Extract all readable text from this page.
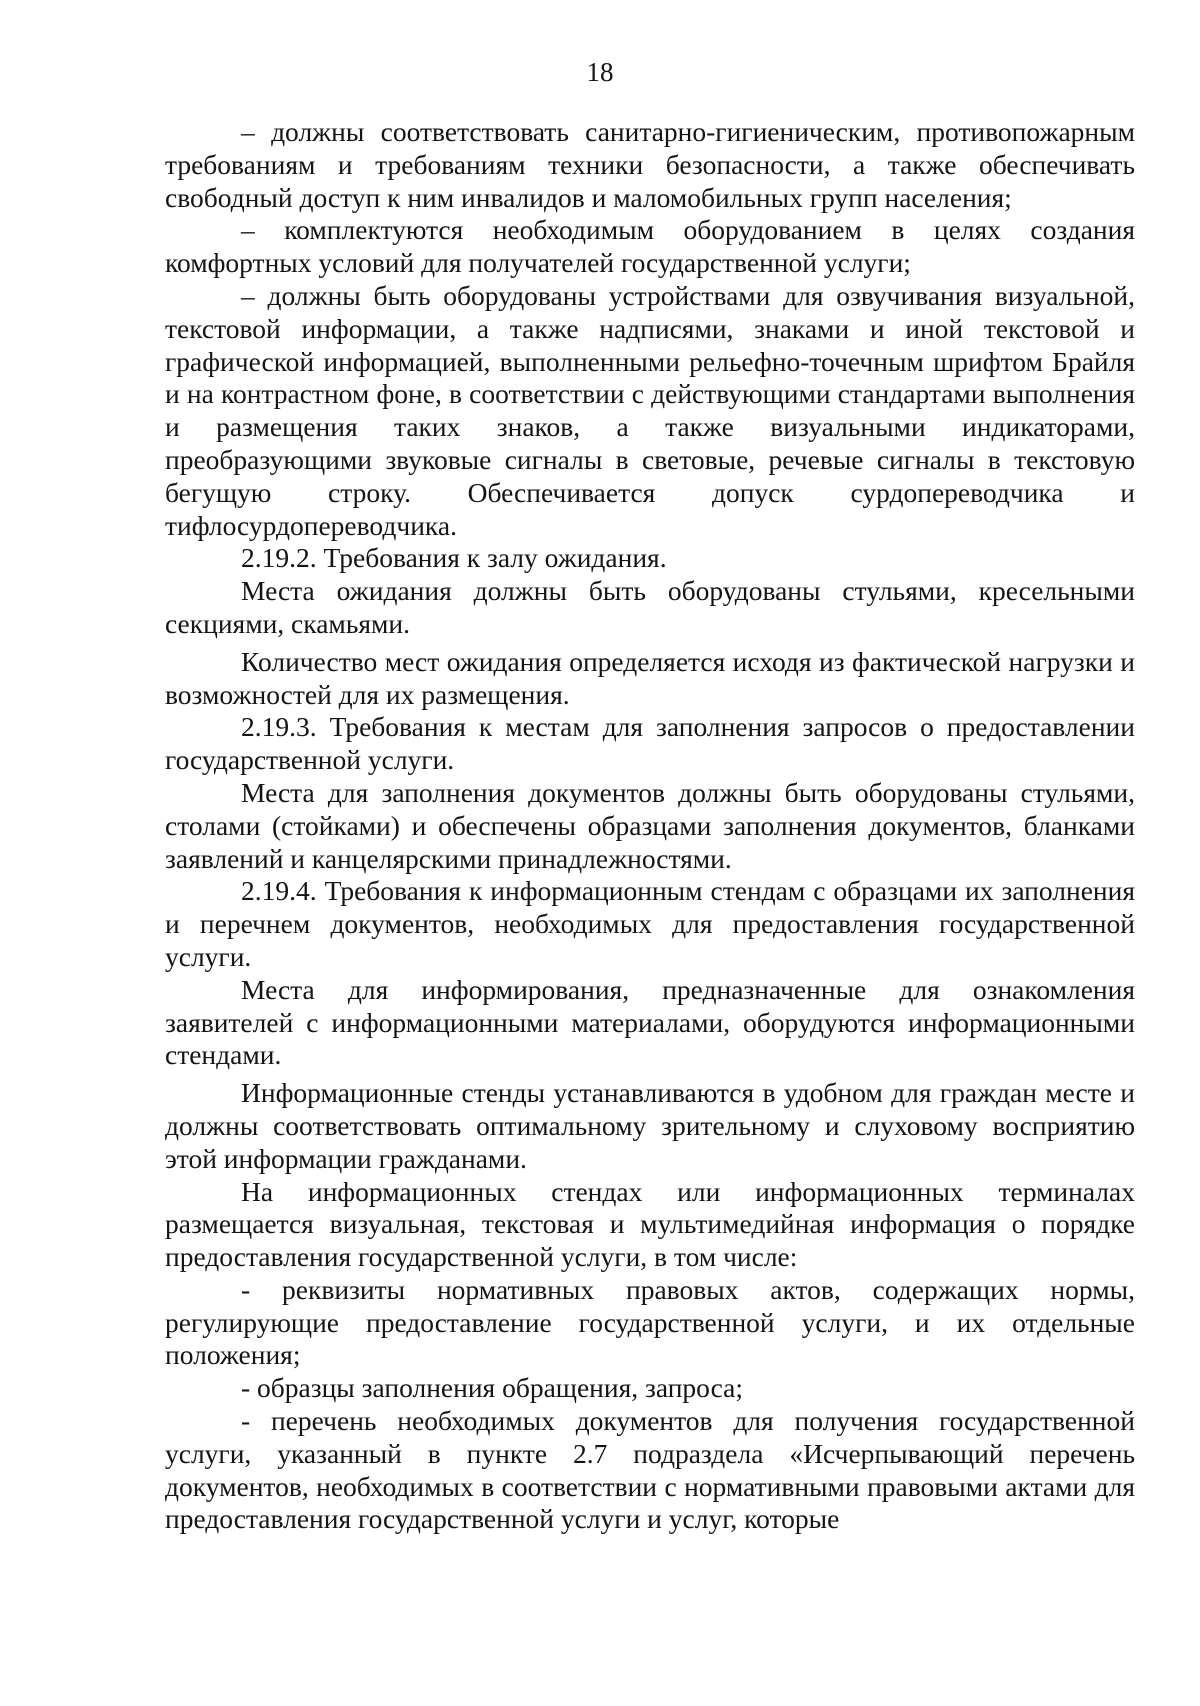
18

– должны соответствовать санитарно-гигиеническим, противопожарным требованиям и требованиям техники безопасности, а также обеспечивать свободный доступ к ним инвалидов и маломобильных групп населения;

– комплектуются необходимым оборудованием в целях создания комфортных условий для получателей государственной услуги;

– должны быть оборудованы устройствами для озвучивания визуальной, текстовой информации, а также надписями, знаками и иной текстовой и графической информацией, выполненными рельефно-точечным шрифтом Брайля и на контрастном фоне, в соответствии с действующими стандартами выполнения и размещения таких знаков, а также визуальными индикаторами, преобразующими звуковые сигналы в световые, речевые сигналы в текстовую бегущую строку. Обеспечивается допуск сурдопереводчика и тифлосурдопереводчика.

2.19.2. Требования к залу ожидания.

Места ожидания должны быть оборудованы стульями, кресельными секциями, скамьями.

Количество мест ожидания определяется исходя из фактической нагрузки и возможностей для их размещения.

2.19.3. Требования к местам для заполнения запросов о предоставлении государственной услуги.

Места для заполнения документов должны быть оборудованы стульями, столами (стойками) и обеспечены образцами заполнения документов, бланками заявлений и канцелярскими принадлежностями.

2.19.4. Требования к информационным стендам с образцами их заполнения и перечнем документов, необходимых для предоставления государственной услуги.

Места для информирования, предназначенные для ознакомления заявителей с информационными материалами, оборудуются информационными стендами.

Информационные стенды устанавливаются в удобном для граждан месте и должны соответствовать оптимальному зрительному и слуховому восприятию этой информации гражданами.

На информационных стендах или информационных терминалах размещается визуальная, текстовая и мультимедийная информация о порядке предоставления государственной услуги, в том числе:

- реквизиты нормативных правовых актов, содержащих нормы, регулирующие предоставление государственной услуги, и их отдельные положения;

- образцы заполнения обращения, запроса;

- перечень необходимых документов для получения государственной услуги, указанный в пункте 2.7 подраздела «Исчерпывающий перечень документов, необходимых в соответствии с нормативными правовыми актами для предоставления государственной услуги и услуг, которые
